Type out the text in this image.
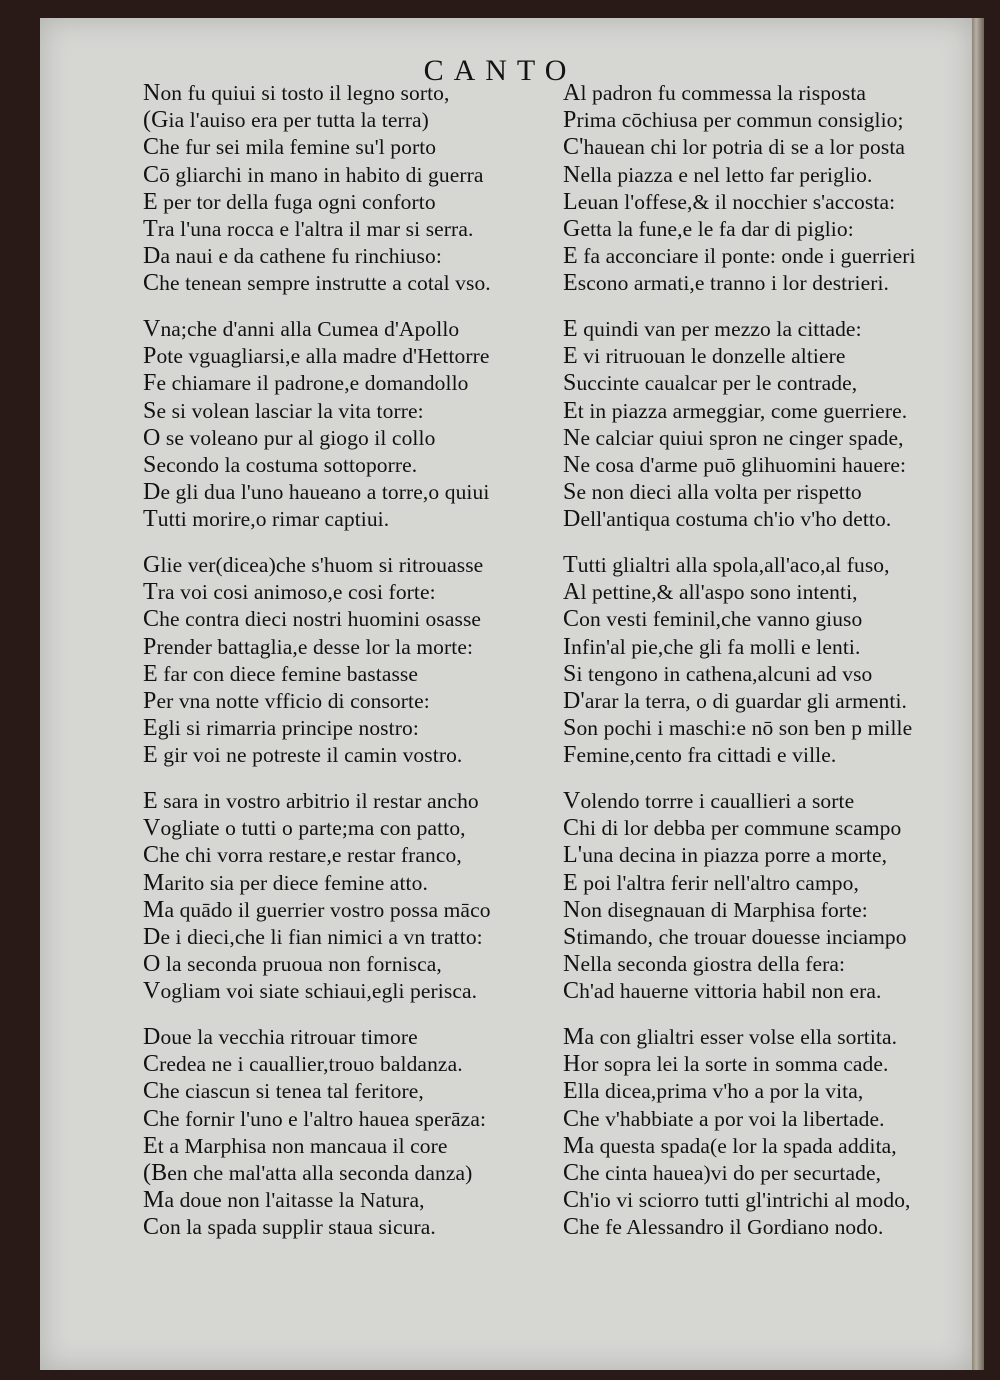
CANTO
Non fu quiui si tosto il legno sorto,
(Gia l'auiso era per tutta la terra)
Che fur sei mila femine su'l porto
Cō gliarchi in mano in habito di guerra
E per tor della fuga ogni conforto
Tra l'una rocca e l'altra il mar si serra.
Da naui e da cathene fu rinchiuso:
Che tenean sempre instrutte a cotal vso.
Vna;che d'anni alla Cumea d'Apollo
Pote vguagliarsi,e alla madre d'Hettorre
Fe chiamare il padrone,e domandollo
Se si volean lasciar la vita torre:
O se voleano pur al giogo il collo
Secondo la costuma sottoporre.
De gli dua l'uno haueano a torre,o quiui
Tutti morire,o rimar captiui.
Glie ver(dicea)che s'huom si ritrouasse
Tra voi cosi animoso,e cosi forte:
Che contra dieci nostri huomini osasse
Prender battaglia,e desse lor la morte:
E far con diece femine bastasse
Per vna notte vfficio di consorte:
Egli si rimarria principe nostro:
E gir voi ne potreste il camin vostro.
E sara in vostro arbitrio il restar ancho
Vogliate o tutti o parte;ma con patto,
Che chi vorra restare,e restar franco,
Marito sia per diece femine atto.
Ma quādo il guerrier vostro possa māco
De i dieci,che li fian nimici a vn tratto:
O la seconda pruoua non fornisca,
Vogliam voi siate schiaui,egli perisca.
Doue la vecchia ritrouar timore
Credea ne i cauallier,trouo baldanza.
Che ciascun si tenea tal feritore,
Che fornir l'uno e l'altro hauea sperāza:
Et a Marphisa non mancaua il core
(Ben che mal'atta alla seconda danza)
Ma doue non l'aitasse la Natura,
Con la spada supplir staua sicura.
Al padron fu commessa la risposta
Prima cōchiusa per commun consiglio;
C'hauean chi lor potria di se a lor posta
Nella piazza e nel letto far periglio.
Leuan l'offese,& il nocchier s'accosta:
Getta la fune,e le fa dar di piglio:
E fa acconciare il ponte: onde i guerrieri
Escono armati,e tranno i lor destrieri.
E quindi van per mezzo la cittade:
E vi ritruouan le donzelle altiere
Succinte caualcar per le contrade,
Et in piazza armeggiar, come guerriere.
Ne calciar quiui spron ne cinger spade,
Ne cosa d'arme puō glihuomini hauere:
Se non dieci alla volta per rispetto
Dell'antiqua costuma ch'io v'ho detto.
Tutti glialtri alla spola,all'aco,al fuso,
Al pettine,& all'aspo sono intenti,
Con vesti feminil,che vanno giuso
Infin'al pie,che gli fa molli e lenti.
Si tengono in cathena,alcuni ad vso
D'arar la terra, o di guardar gli armenti.
Son pochi i maschi:e nō son ben p mille
Femine,cento fra cittadi e ville.
Volendo torrre i cauallieri a sorte
Chi di lor debba per commune scampo
L'una decina in piazza porre a morte,
E poi l'altra ferir nell'altro campo,
Non disegnauan di Marphisa forte:
Stimando, che trouar douesse inciampo
Nella seconda giostra della fera:
Ch'ad hauerne vittoria habil non era.
Ma con glialtri esser volse ella sortita.
Hor sopra lei la sorte in somma cade.
Ella dicea,prima v'ho a por la vita,
Che v'habbiate a por voi la libertade.
Ma questa spada(e lor la spada addita,
Che cinta hauea)vi do per securtade,
Ch'io vi sciorro tutti gl'intrichi al modo,
Che fe Alessandro il Gordiano nodo.
